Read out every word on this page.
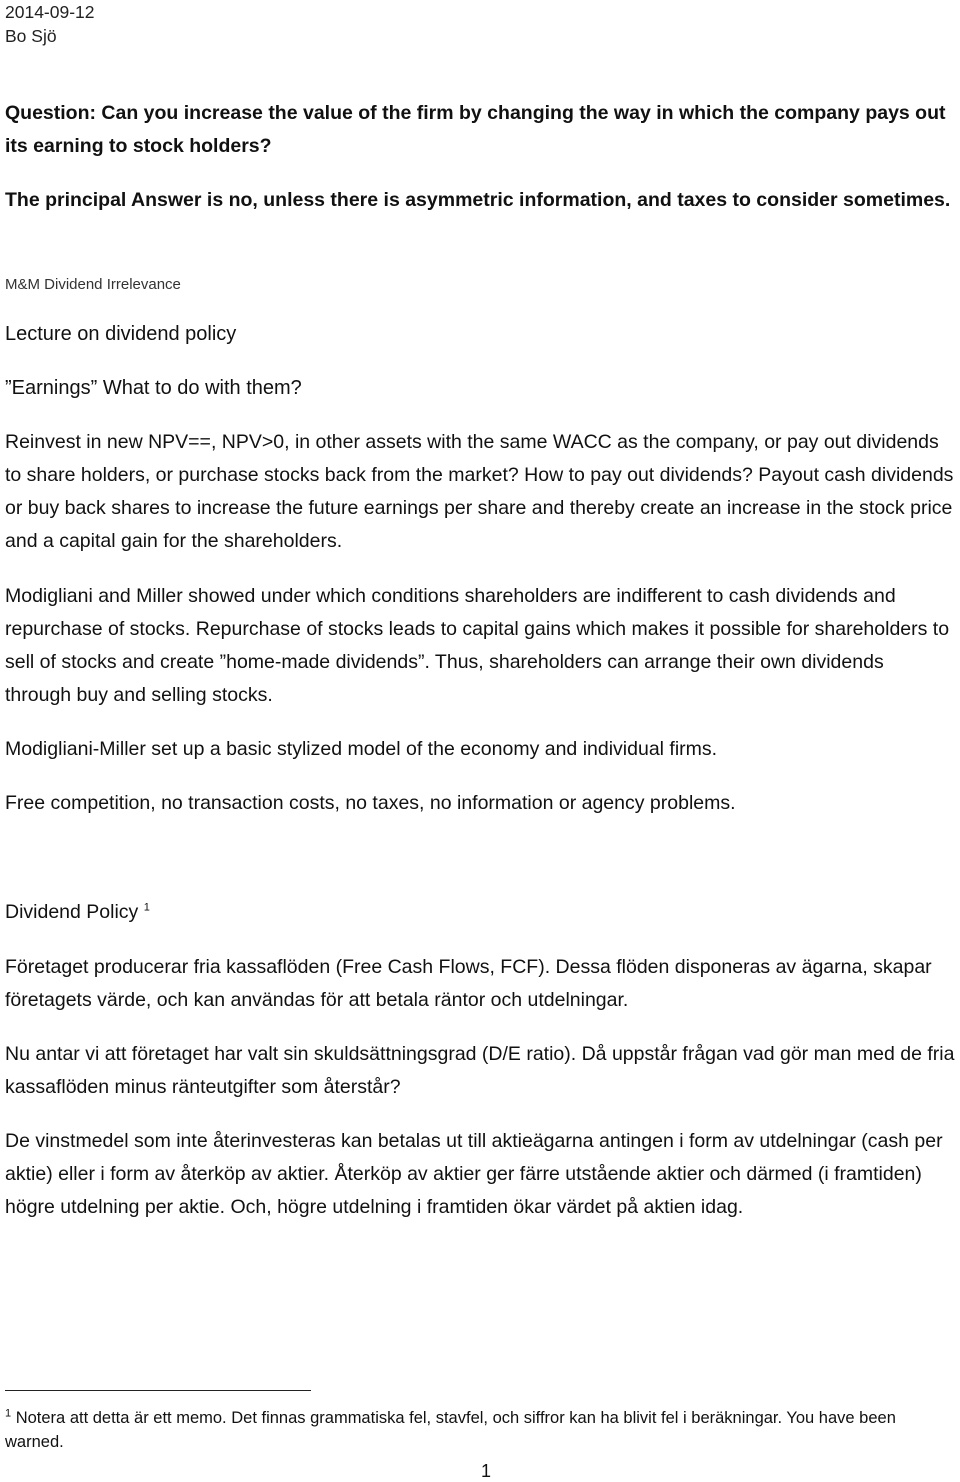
2014-09-12
Bo Sjö

Question: Can you increase the value of the firm by changing the way in which the company pays out its earning to stock holders?

The principal Answer is no, unless there is asymmetric information, and taxes to consider sometimes.

M&M Dividend Irrelevance

Lecture on dividend policy

”Earnings” What to do with them?

Reinvest in new NPV==, NPV>0, in other assets with the same WACC as the company, or pay out dividends to share holders, or purchase stocks back from the market? How to pay out dividends? Payout cash dividends or buy back shares to increase the future earnings per share and thereby create an increase in the stock price and a capital gain for the shareholders.

Modigliani and Miller showed under which conditions shareholders are indifferent to cash dividends and repurchase of stocks. Repurchase of stocks leads to capital gains which makes it possible for shareholders to sell of stocks and create ”home-made dividends”. Thus, shareholders can arrange their own dividends through buy and selling stocks.

Modigliani-Miller set up a basic stylized model of the economy and individual firms.

Free competition, no transaction costs, no taxes, no information or agency problems.

Dividend Policy $^1$

Företaget producerar fria kassaflöden (Free Cash Flows, FCF). Dessa flöden disponeras av ägarna, skapar företagets värde, och kan användas för att betala räntor och utdelningar.

Nu antar vi att företaget har valt sin skuldsättningsgrad (D/E ratio). Då uppstår frågan vad gör man med de fria kassaflöden minus ränteutgifter som återstår?

De vinstmedel som inte återinvesteras kan betalas ut till aktieägarna antingen i form av utdelningar (cash per aktie) eller i form av återköp av aktier. Återköp av aktier ger färre utstående aktier och därmed (i framtiden) högre utdelning per aktie. Och, högre utdelning i framtiden ökar värdet på aktien idag.

$^1$ Notera att detta är ett memo. Det finnas grammatiska fel, stavfel, och siffror kan ha blivit fel i beräkningar. You have been warned.

1
